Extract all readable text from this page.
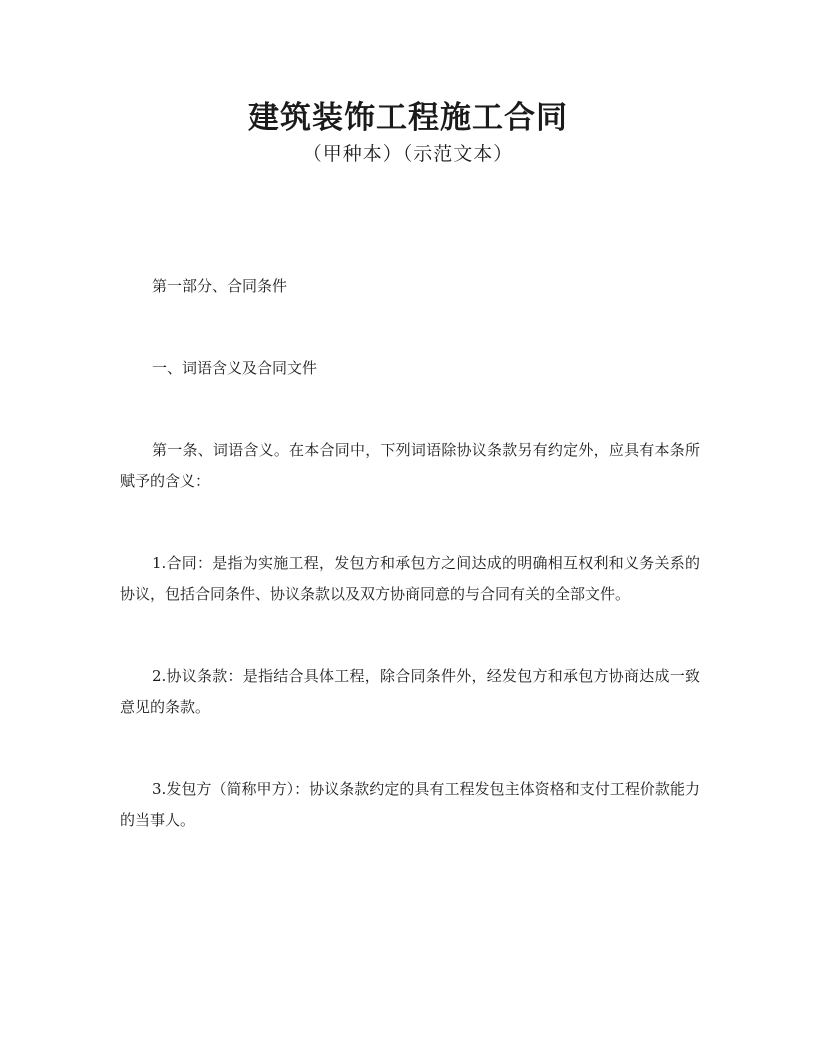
建筑装饰工程施工合同
（甲种本）（示范文本）

第一部分、合同条件

一、词语含义及合同文件

第一条、词语含义。在本合同中，下列词语除协议条款另有约定外，应具有本条所赋予的含义：

1.合同：是指为实施工程，发包方和承包方之间达成的明确相互权利和义务关系的协议，包括合同条件、协议条款以及双方协商同意的与合同有关的全部文件。

2.协议条款：是指结合具体工程，除合同条件外，经发包方和承包方协商达成一致意见的条款。

3.发包方（简称甲方）：协议条款约定的具有工程发包主体资格和支付工程价款能力的当事人。
